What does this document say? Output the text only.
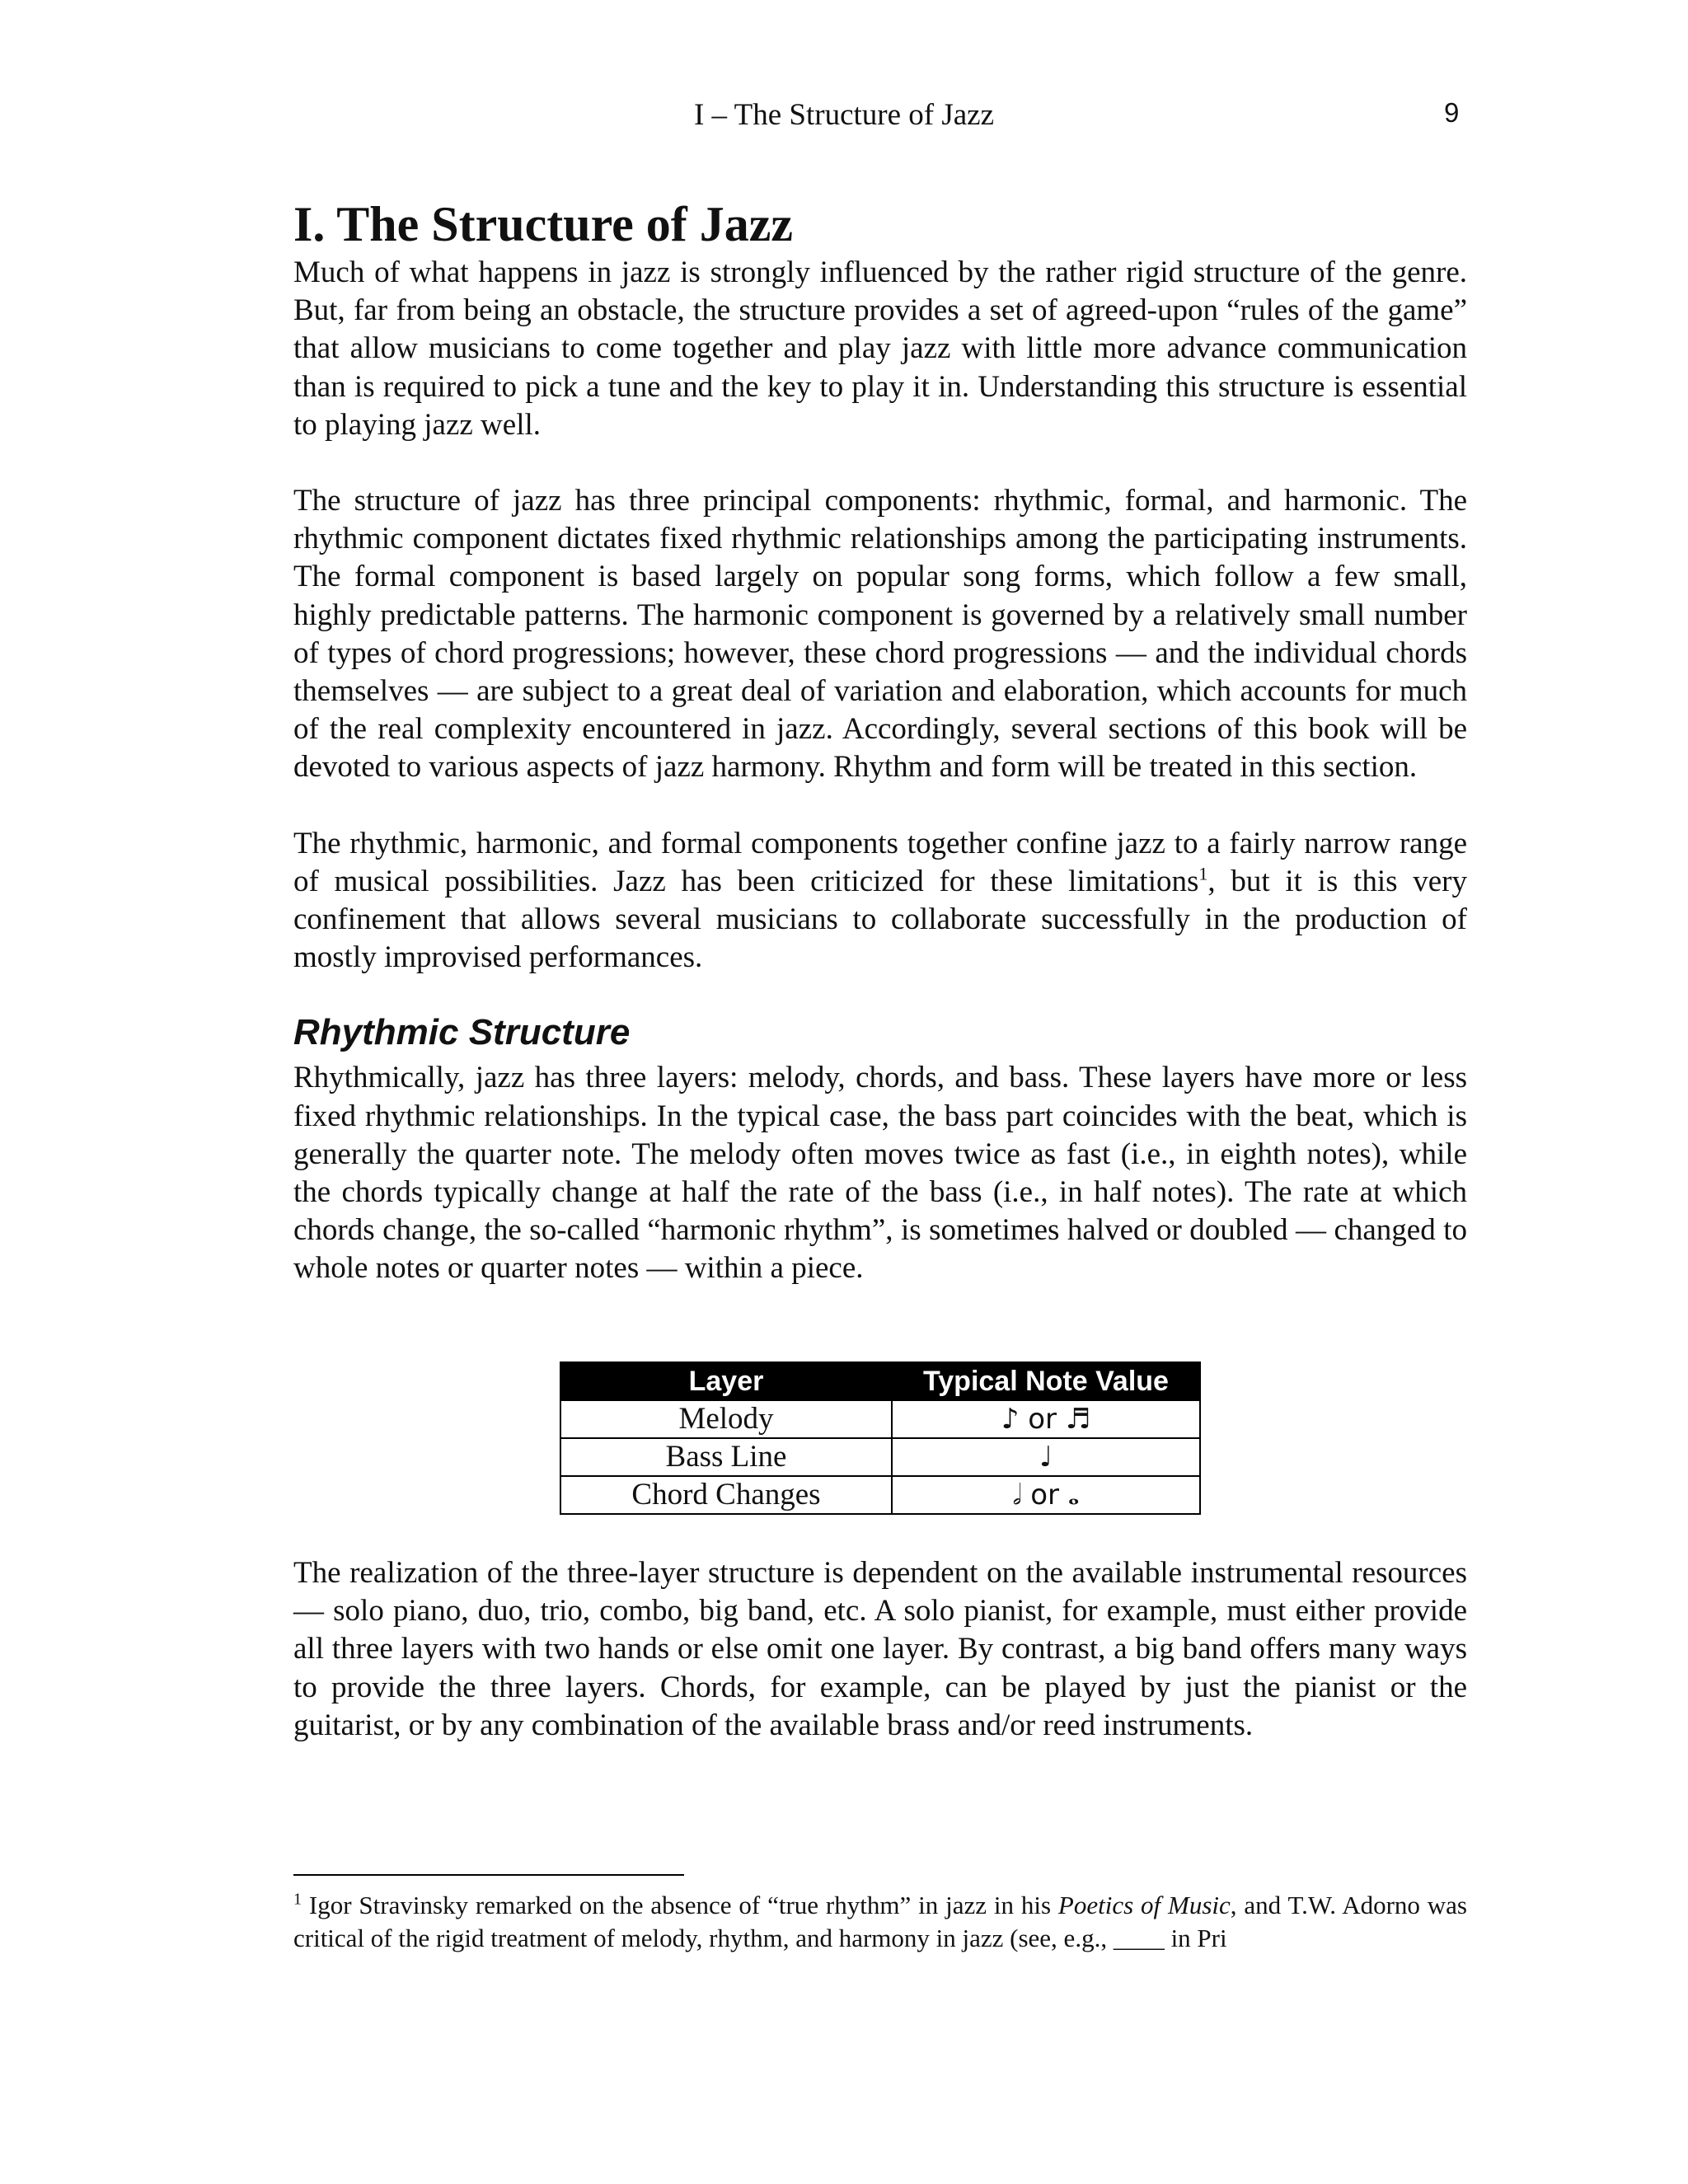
I – The Structure of Jazz	9
I. The Structure of Jazz

Much of what happens in jazz is strongly influenced by the rather rigid structure of the genre. But, far from being an obstacle, the structure provides a set of agreed-upon “rules of the game” that allow musicians to come together and play jazz with little more advance communication than is required to pick a tune and the key to play it in. Understanding this structure is essential to playing jazz well.

The structure of jazz has three principal components: rhythmic, formal, and harmonic. The rhythmic component dictates fixed rhythmic relationships among the participating instruments. The formal component is based largely on popular song forms, which follow a few small, highly predictable patterns. The harmonic component is governed by a relatively small number of types of chord progressions; however, these chord progressions — and the individual chords themselves — are subject to a great deal of variation and elaboration, which accounts for much of the real complexity encountered in jazz. Accordingly, several sections of this book will be devoted to various aspects of jazz harmony. Rhythm and form will be treated in this section.

The rhythmic, harmonic, and formal components together confine jazz to a fairly narrow range of musical possibilities. Jazz has been criticized for these limitations$^1$, but it is this very confinement that allows several musicians to collaborate successfully in the production of mostly improvised performances.

Rhythmic Structure

Rhythmically, jazz has three layers: melody, chords, and bass. These layers have more or less fixed rhythmic relationships. In the typical case, the bass part coincides with the beat, which is generally the quarter note. The melody often moves twice as fast (i.e., in eighth notes), while the chords typically change at half the rate of the bass (i.e., in half notes). The rate at which chords change, the so-called “harmonic rhythm”, is sometimes halved or doubled — changed to whole notes or quarter notes — within a piece.

Layer	Typical Note Value
Melody	♪ or ♬
Bass Line	♩
Chord Changes	𝅗𝅥 or 𝅝

The realization of the three-layer structure is dependent on the available instrumental resources — solo piano, duo, trio, combo, big band, etc. A solo pianist, for example, must either provide all three layers with two hands or else omit one layer. By contrast, a big band offers many ways to provide the three layers. Chords, for example, can be played by just the pianist or the guitarist, or by any combination of the available brass and/or reed instruments.

$^1$ Igor Stravinsky remarked on the absence of “true rhythm” in jazz in his Poetics of Music, and T.W. Adorno was critical of the rigid treatment of melody, rhythm, and harmony in jazz (see, e.g., ____ in Pri
